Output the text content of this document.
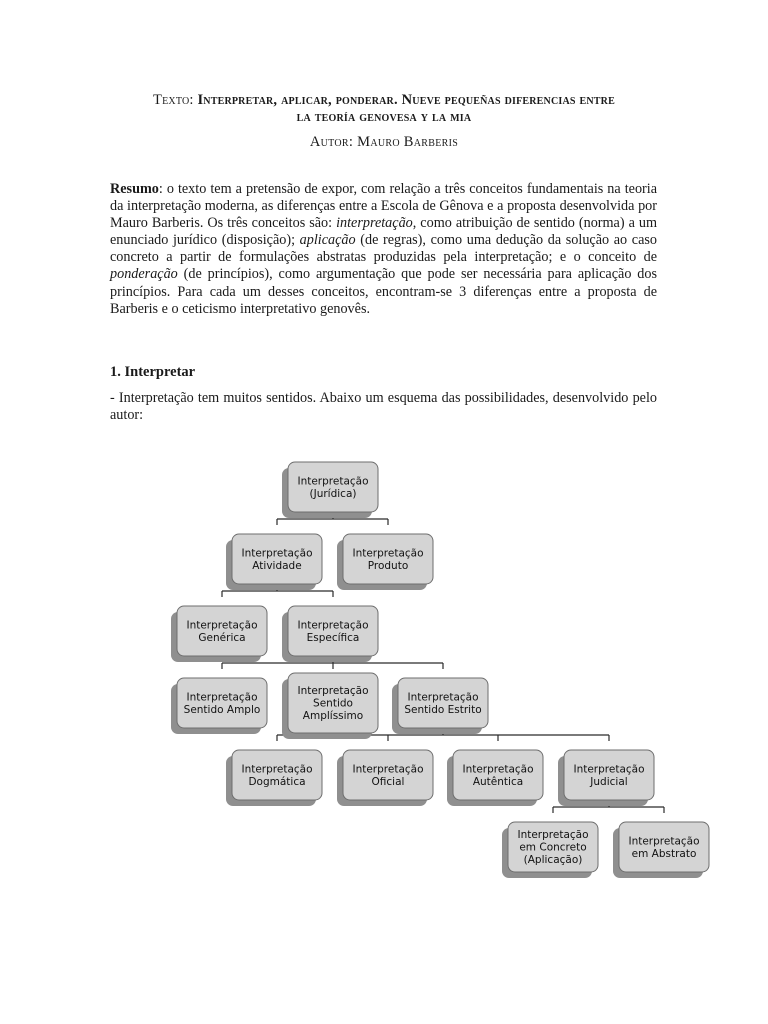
Texto: Interpretar, aplicar, ponderar. Nueve pequeñas diferencias entre
la teoría genovesa y la mia
Autor: Mauro Barberis
Resumo: o texto tem a pretensão de expor, com relação a três conceitos fundamentais na teoria da interpretação moderna, as diferenças entre a Escola de Gênova e a proposta desenvolvida por Mauro Barberis. Os três conceitos são: interpretação, como atribuição de sentido (norma) a um enunciado jurídico (disposição); aplicação (de regras), como uma dedução da solução ao caso concreto a partir de formulações abstratas produzidas pela interpretação; e o conceito de ponderação (de princípios), como argumentação que pode ser necessária para aplicação dos princípios. Para cada um desses conceitos, encontram-se 3 diferenças entre a proposta de Barberis e o ceticismo interpretativo genovês.
1. Interpretar
- Interpretação tem muitos sentidos. Abaixo um esquema das possibilidades, desenvolvido pelo autor:
Interpretação
(Jurídica)
Interpretação
Atividade
Interpretação
Produto
Interpretação
Genérica
Interpretação
Específica
Interpretação
Sentido Amplo
Interpretação
Sentido
Amplíssimo
Interpretação
Sentido Estrito
Interpretação
Dogmática
Interpretação
Oficial
Interpretação
Autêntica
Interpretação
Judicial
Interpretação
em Concreto
(Aplicação)
Interpretação
em Abstrato
